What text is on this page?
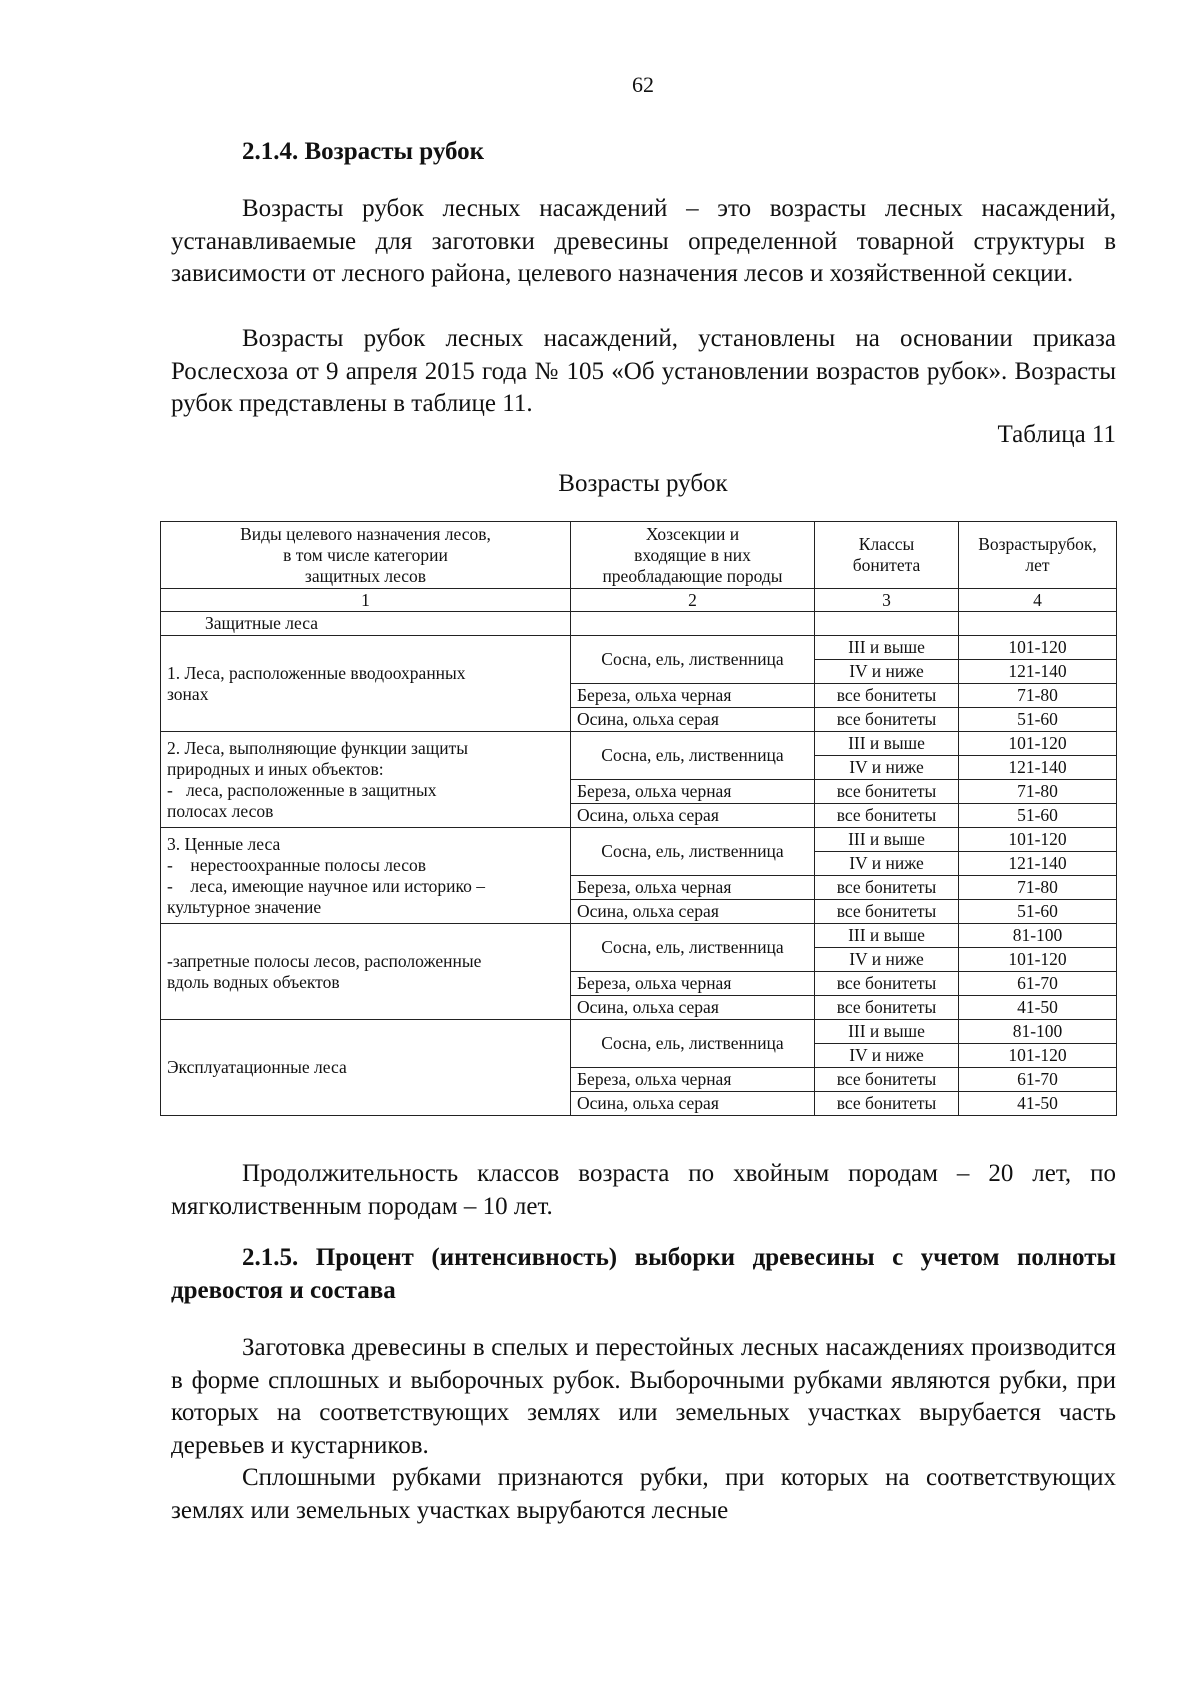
62
2.1.4. Возрасты рубок

Возрасты рубок лесных насаждений – это возрасты лесных насаждений, устанавливаемые для заготовки древесины определенной товарной структуры в зависимости от лесного района, целевого назначения лесов и хозяйственной секции.

Возрасты рубок лесных насаждений, установлены на основании приказа Рослесхоза от 9 апреля 2015 года № 105 «Об установлении возрастов рубок». Возрасты рубок представлены в таблице 11.

Таблица 11
Возрасты рубок
Виды целевого назначения лесов,
в том числе категории
защитных лесов	Хозсекции и
входящие в них
преобладающие породы	Классы
бонитета	Возрастырубок,
лет

1	2	3	4
Защитные леса			

1. Леса, расположенные вводоохранных
зонах	Сосна, ель, лиственница	III и выше	101-120
		IV и ниже	121-140
	Береза, ольха черная	все бонитеты	71-80
	Осина, ольха серая	все бонитеты	51-60

2. Леса, выполняющие функции защиты
природных и иных объектов:
-   леса, расположенные в защитных
полосах лесов	Сосна, ель, лиственница	III и выше	101-120
		IV и ниже	121-140
	Береза, ольха черная	все бонитеты	71-80
	Осина, ольха серая	все бонитеты	51-60

3. Ценные леса
-    нерестоохранные полосы лесов
-    леса, имеющие научное или историко –
культурное значение	Сосна, ель, лиственница	III и выше	101-120
		IV и ниже	121-140
	Береза, ольха черная	все бонитеты	71-80
	Осина, ольха серая	все бонитеты	51-60

-запретные полосы лесов, расположенные
вдоль водных объектов	Сосна, ель, лиственница	III и выше	81-100
		IV и ниже	101-120
	Береза, ольха черная	все бонитеты	61-70
	Осина, ольха серая	все бонитеты	41-50

Эксплуатационные леса	Сосна, ель, лиственница	III и выше	81-100
		IV и ниже	101-120
	Береза, ольха черная	все бонитеты	61-70
	Осина, ольха серая	все бонитеты	41-50

Продолжительность классов возраста по хвойным породам – 20 лет, по мягколиственным породам – 10 лет.

2.1.5. Процент (интенсивность) выборки древесины с учетом полноты древостоя и состава

Заготовка древесины в спелых и перестойных лесных насаждениях производится в форме сплошных и выборочных рубок. Выборочными рубками являются рубки, при которых на соответствующих землях или земельных участках вырубается часть деревьев и кустарников.

Сплошными рубками признаются рубки, при которых на соответствующих землях или земельных участках вырубаются лесные
